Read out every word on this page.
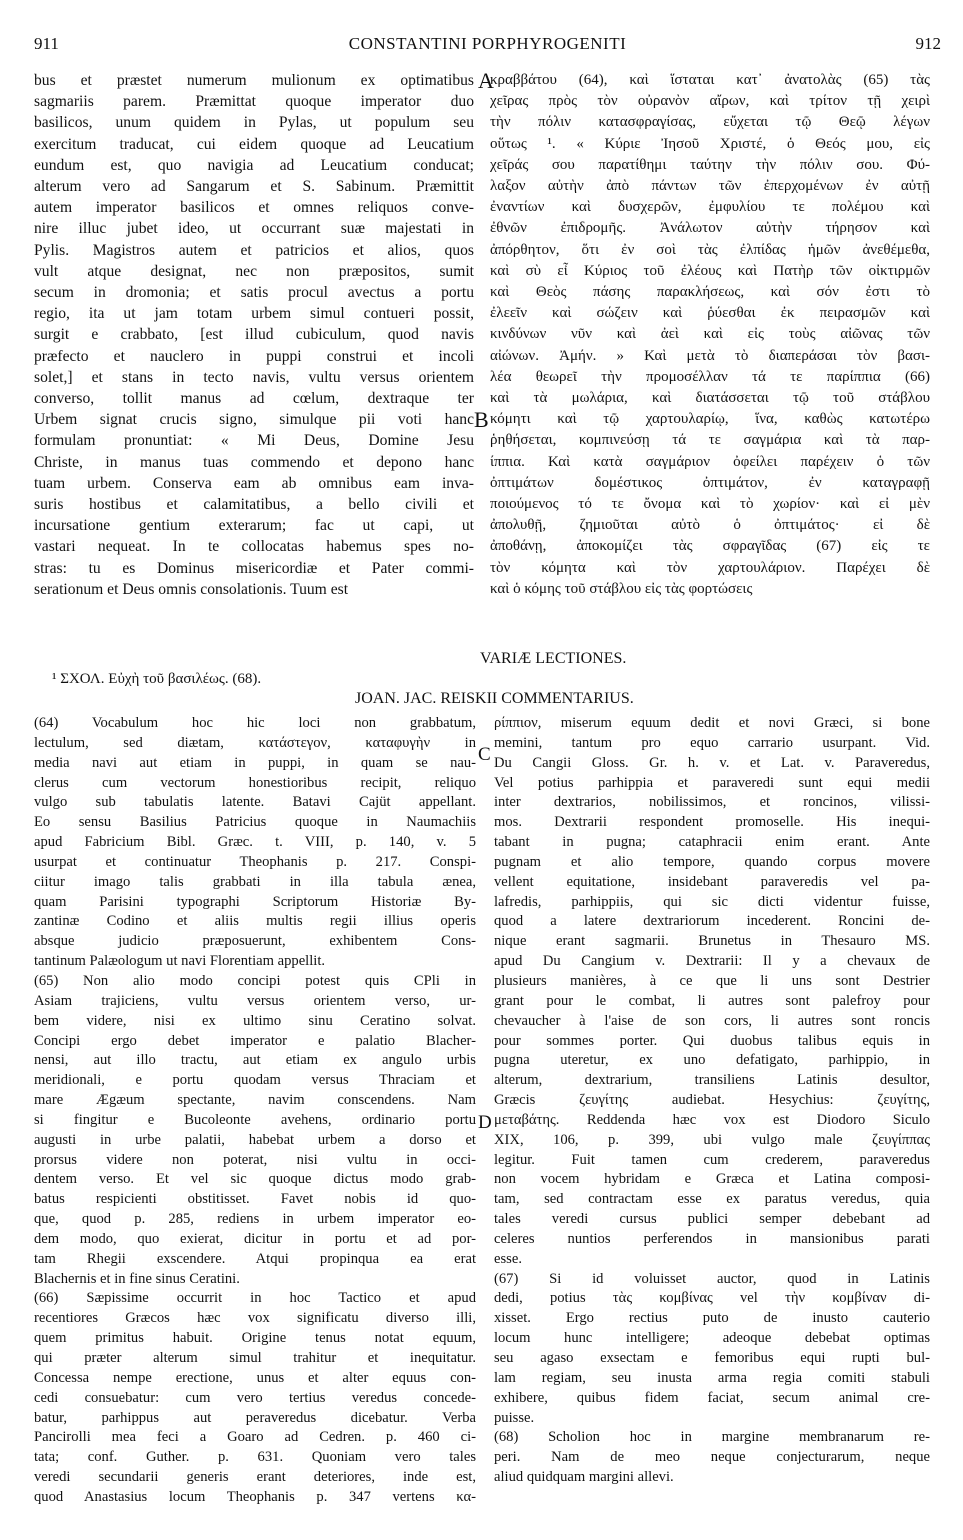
911	CONSTANTINI PORPHYROGENITI	912
bus et præstet numerum mulionum ex optimatibus
sagmariis parem. Præmittat quoque imperator duo
basilicos, unum quidem in Pylas, ut populum seu
exercitum traducat, cui eidem quoque ad Leucatium
eundum est, quo navigia ad Leucatium conducat;
alterum vero ad Sangarum et S. Sabinum. Præmittit
autem imperator basilicos et omnes reliquos conve-
nire illuc jubet ideo, ut occurrant suæ majestati in
Pylis. Magistros autem et patricios et alios, quos
vult atque designat, nec non præpositos, sumit
secum in dromonia; et satis procul avectus a portu
regio, ita ut jam totam urbem simul contueri possit,
surgit e crabbato, [est illud cubiculum, quod navis
præfecto et nauclero in puppi construi et incoli
solet,] et stans in tecto navis, vultu versus orientem
converso, tollit manus ad cœlum, dextraque ter
Urbem signat crucis signo, simulque pii voti hanc
formulam pronuntiat: « Mi Deus, Domine Jesu
Christe, in manus tuas commendo et depono hanc
tuam urbem. Conserva eam ab omnibus eam inva-
suris hostibus et calamitatibus, a bello civili et
incursatione gentium exterarum; fac ut capi, ut
vastari nequeat. In te collocatas habemus spes no-
stras: tu es Dominus misericordiæ et Pater commi-
serationum et Deus omnis consolationis. Tuum est
κραββάτου (64), καὶ ἵσταται κατ᾽ ἀνατολὰς (65) τὰς
χεῖρας πρὸς τὸν οὐρανὸν αἴρων, καὶ τρίτον τῇ χειρὶ
τὴν πόλιν κατασφραγίσας, εὔχεται τῷ Θεῷ λέγων
οὕτως ¹. « Κύριε Ἰησοῦ Χριστέ, ὁ Θεός μου, εἰς
χεῖράς σου παρατίθημι ταύτην τὴν πόλιν σου. Φύ-
λαξον αὐτὴν ἀπὸ πάντων τῶν ἐπερχομένων ἐν αὐτῇ
ἐναντίων καὶ δυσχερῶν, ἐμφυλίου τε πολέμου καὶ
ἐθνῶν ἐπιδρομῆς. Ἀνάλωτον αὐτὴν τήρησον καὶ
ἀπόρθητον, ὅτι ἐν σοὶ τὰς ἐλπίδας ἡμῶν ἀνεθέμεθα,
καὶ σὺ εἶ Κύριος τοῦ ἐλέους καὶ Πατὴρ τῶν οἰκτιρμῶν
καὶ Θεὸς πάσης παρακλήσεως, καὶ σόν ἐστι τὸ
ἐλεεῖν καὶ σώζειν καὶ ῥύεσθαι ἐκ πειρασμῶν καὶ
κινδύνων νῦν καὶ ἀεὶ καὶ εἰς τοὺς αἰῶνας τῶν
αἰώνων. Ἀμήν. » Καὶ μετὰ τὸ διαπεράσαι τὸν βασι-
λέα θεωρεῖ τὴν προμοσέλλαν τά τε παρίππια (66)
καὶ τὰ μωλάρια, καὶ διατάσσεται τῷ τοῦ στάβλου
κόμητι καὶ τῷ χαρτουλαρίῳ, ἵνα, καθὼς κατωτέρω
ῥηθήσεται, κομπινεύσῃ τά τε σαγμάρια καὶ τὰ παρ-
ίππια. Καὶ κατὰ σαγμάριον ὀφείλει παρέχειν ὁ τῶν
ὀπτιμάτων δομέστικος ὀπτιμάτον, ἐν καταγραφῇ
ποιούμενος τό τε ὄνομα καὶ τὸ χωρίον· καὶ εἰ μὲν
ἀπολυθῇ, ζημιοῦται αὐτὸ ὁ ὀπτιμάτος· εἰ δὲ
ἀποθάνῃ, ἀποκομίζει τὰς σφραγῖδας (67) εἰς τε
τὸν κόμητα καὶ τὸν χαρτουλάριον. Παρέχει δὲ
καὶ ὁ κόμης τοῦ στάβλου εἰς τὰς φορτώσεις
A
B
C
D
VARIÆ LECTIONES.
¹ ΣΧΟΛ. Εὐχὴ τοῦ βασιλέως. (68).
JOAN. JAC. REISKII COMMENTARIUS.
(64) Vocabulum hoc hic loci non grabbatum,
lectulum, sed diætam, κατάστεγον, καταφυγὴν in
media navi aut etiam in puppi, in quam se nau-
clerus cum vectorum honestioribus recipit, reliquo
vulgo sub tabulatis latente. Batavi Cajüt appellant.
Eo sensu Basilius Patricius quoque in Naumachiis
apud Fabricium Bibl. Græc. t. VIII, p. 140, v. 5
usurpat et continuatur Theophanis p. 217. Conspi-
ciitur imago talis grabbati in illa tabula ænea,
quam Parisini typographi Scriptorum Historiæ By-
zantinæ Codino et aliis multis regii illius operis
absque judicio præposuerunt, exhibentem Cons-
tantinum Palæologum ut navi Florentiam appellit.
(65) Non alio modo concipi potest quis CPli in
Asiam trajiciens, vultu versus orientem verso, ur-
bem videre, nisi ex ultimo sinu Ceratino solvat.
Concipi ergo debet imperator e palatio Blacher-
nensi, aut illo tractu, aut etiam ex angulo urbis
meridionali, e portu quodam versus Thraciam et
mare Ægæum spectante, navim conscendens. Nam
si fingitur e Bucoleonte avehens, ordinario portu
augusti in urbe palatii, habebat urbem a dorso et
prorsus videre non poterat, nisi vultu in occi-
dentem verso. Et vel sic quoque dictus modo grab-
batus respicienti obstitisset. Favet nobis id quo-
que, quod p. 285, rediens in urbem imperator eo-
dem modo, quo exierat, dicitur in portu et ad por-
tam Rhegii exscendere. Atqui propinqua ea erat
Blachernis et in fine sinus Ceratini.
(66) Sæpissime occurrit in hoc Tactico et apud
recentiores Græcos hæc vox significatu diverso illi,
quem primitus habuit. Origine tenus notat equum,
qui præter alterum simul trahitur et inequitatur.
Concessa nempe erectione, unus et alter equus con-
cedi consuebatur: cum vero tertius veredus concede-
batur, parhippus aut peraveredus dicebatur. Verba
Pancirolli mea feci a Goaro ad Cedren. p. 460 ci-
tata; conf. Guther. p. 631. Quoniam vero tales
veredi secundarii generis erant deteriores, inde est,
quod Anastasius locum Theophanis p. 347 vertens κα-
ρίππιον, miserum equum dedit et novi Græci, si bone
memini, tantum pro equo carrario usurpant. Vid.
Du Cangii Gloss. Gr. h. v. et Lat. v. Paraveredus,
Vel potius parhippia et paraveredi sunt equi medii
inter dextrarios, nobilissimos, et roncinos, vilissi-
mos. Dextrarii respondent promoselle. His inequi-
tabant in pugna; cataphracii enim erant. Ante
pugnam et alio tempore, quando corpus movere
vellent equitatione, insidebant paraveredis vel pa-
lafredis, parhippiis, qui sic dicti videntur fuisse,
quod a latere dextrariorum incederent. Roncini de-
nique erant sagmarii. Brunetus in Thesauro MS.
apud Du Cangium v. Dextrarii: Il y a chevaux de
plusieurs manières, à ce que li uns sont Destrier
grant pour le combat, li autres sont palefroy pour
chevaucher à l'aise de son cors, li autres sont roncis
pour sommes porter. Qui duobus talibus equis in
pugna uteretur, ex uno defatigato, parhippio, in
alterum, dextrarium, transiliens Latinis desultor,
Græcis ζευγίτης audiebat. Hesychius: ζευγίτης,
μεταβάτης. Reddenda hæc vox est Diodoro Siculo
XIX, 106, p. 399, ubi vulgo male ζευγίππας
legitur. Fuit tamen cum crederem, paraveredus
non vocem hybridam e Græca et Latina composi-
tam, sed contractam esse ex paratus veredus, quia
tales veredi cursus publici semper debebant ad
celeres nuntios perferendos in mansionibus parati
esse.
(67) Si id voluisset auctor, quod in Latinis
dedi, potius τὰς κομβίνας vel τὴν κομβίναν di-
xisset. Ergo rectius puto de inusto cauterio
locum hunc intelligere; adeoque debebat optimas
seu agaso exsectam e femoribus equi rupti bul-
lam regiam, seu inusta arma regia comiti stabuli
exhibere, quibus fidem faciat, secum animal cre-
puisse.
(68) Scholion hoc in margine membranarum re-
peri. Nam de meo neque conjecturarum, neque
aliud quidquam margini allevi.
